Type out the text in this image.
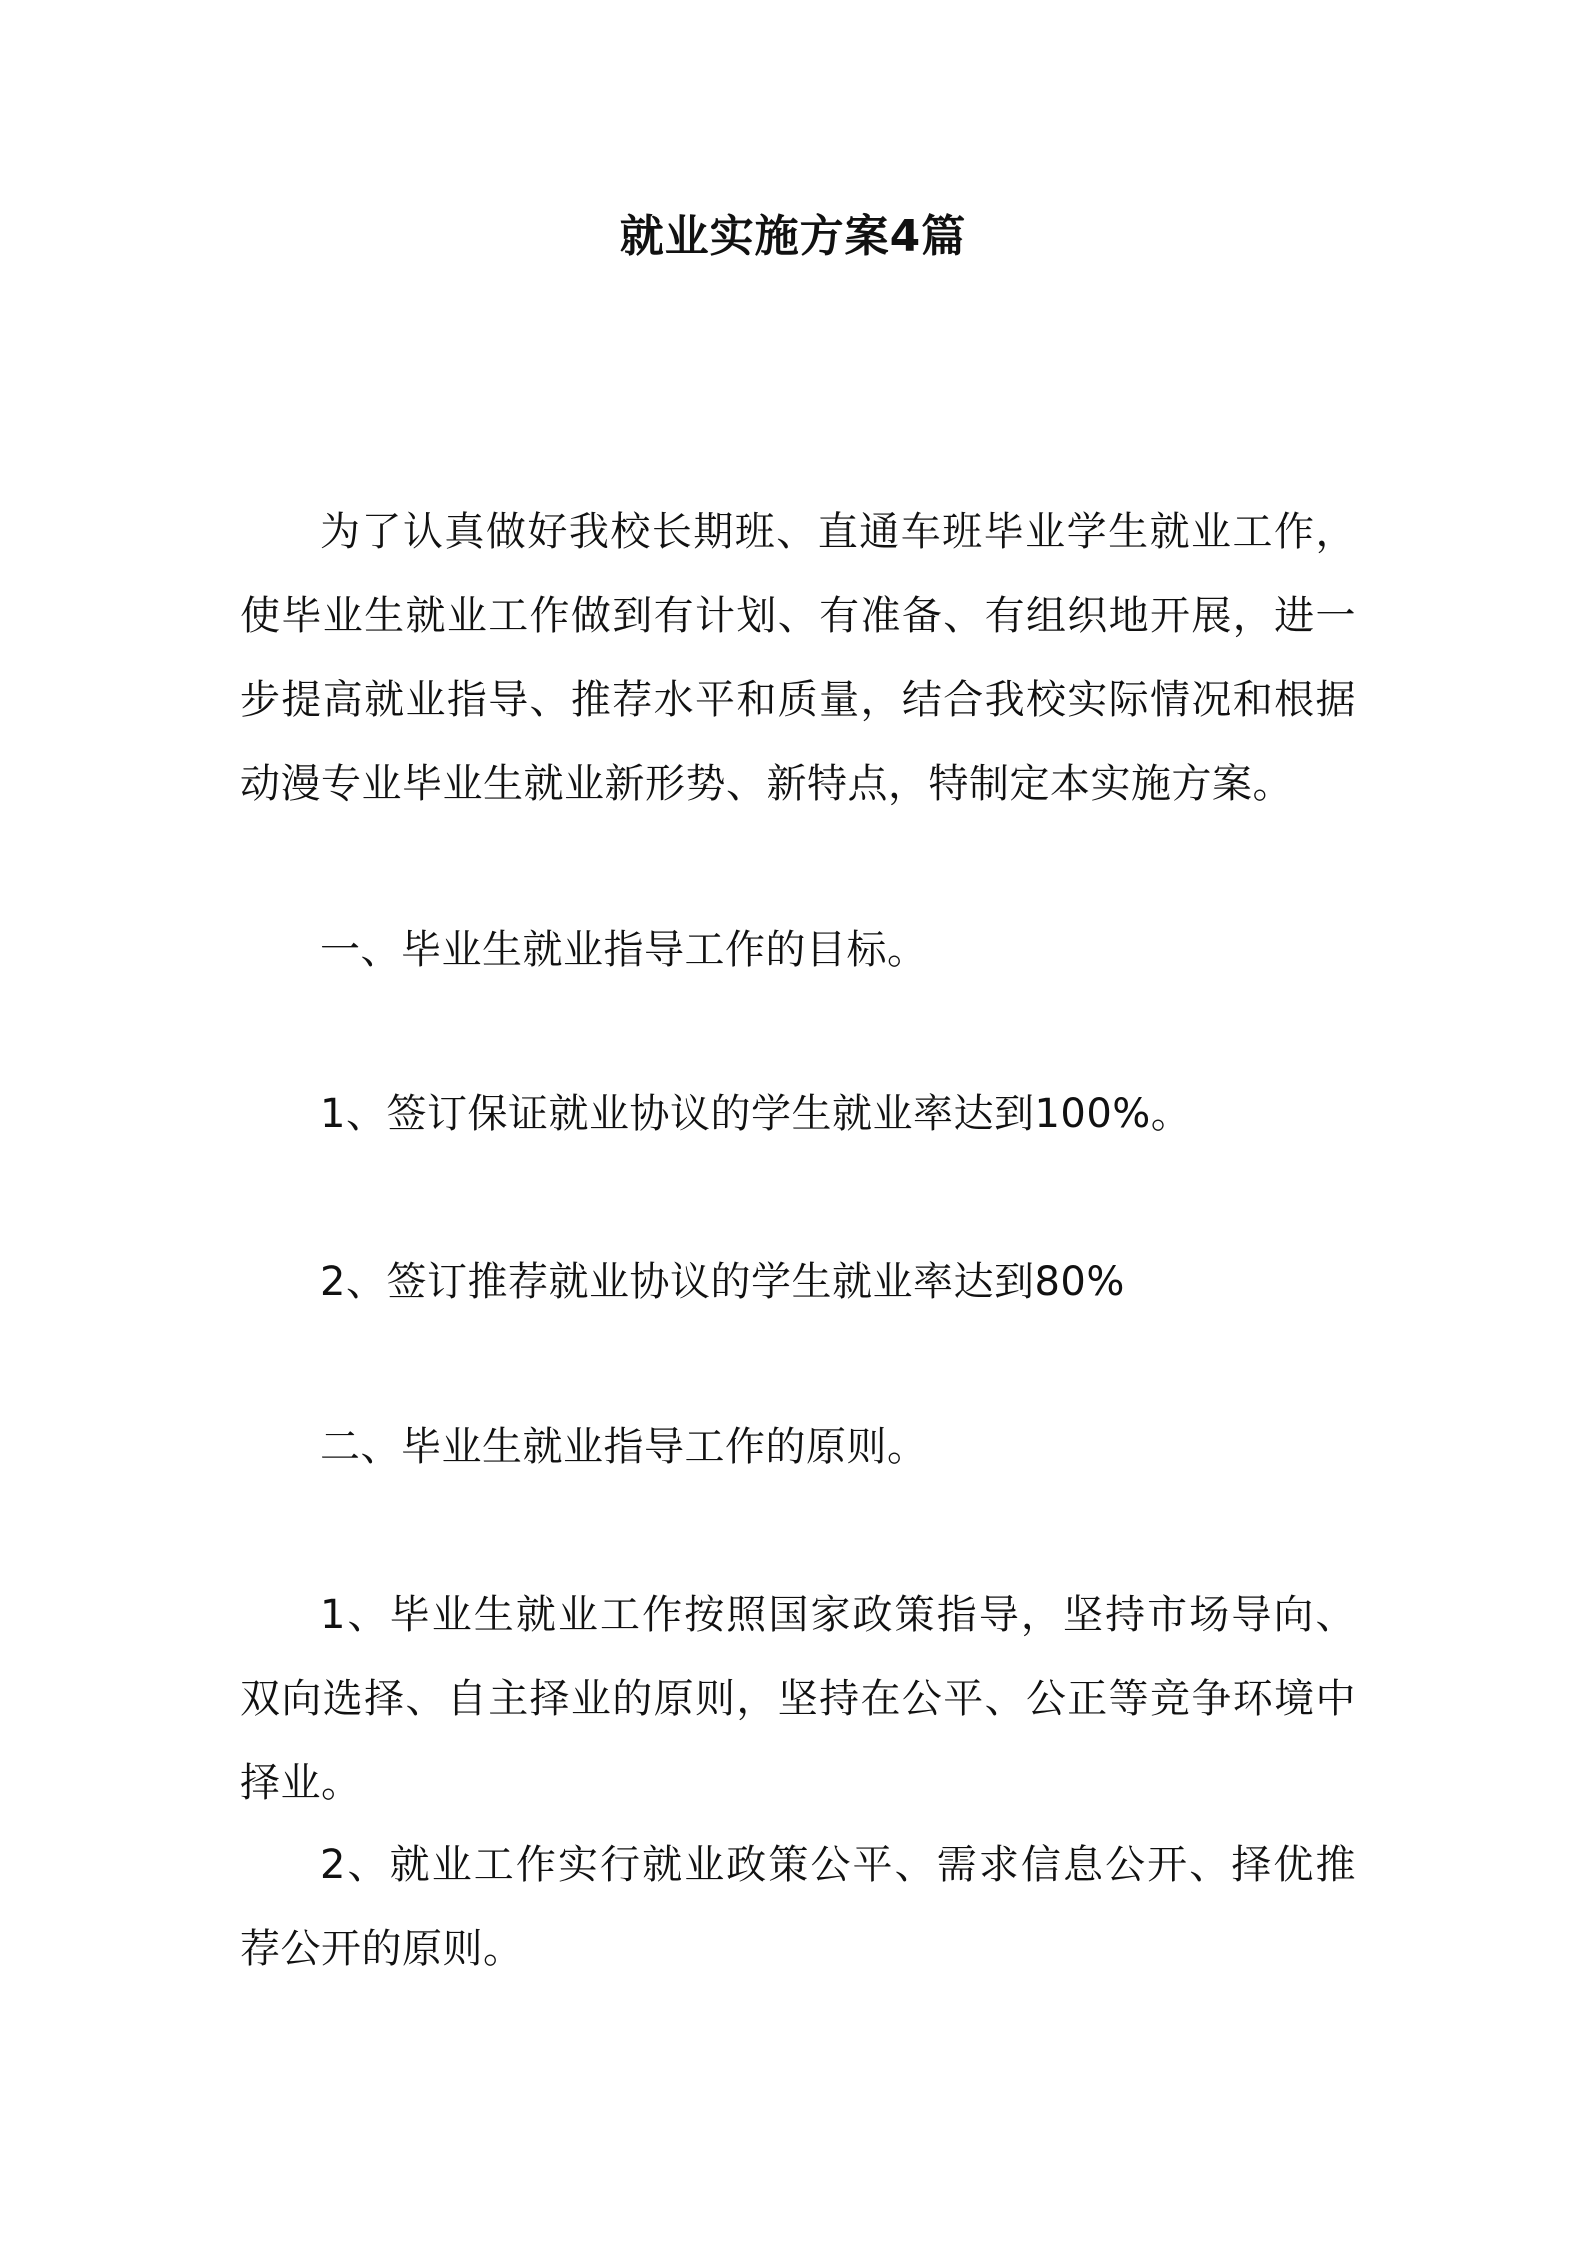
就业实施方案4篇

为了认真做好我校长期班、直通车班毕业学生就业工作，使毕业生就业工作做到有计划、有准备、有组织地开展，进一步提高就业指导、推荐水平和质量，结合我校实际情况和根据动漫专业毕业生就业新形势、新特点，特制定本实施方案。

一、毕业生就业指导工作的目标。

1、签订保证就业协议的学生就业率达到100%。

2、签订推荐就业协议的学生就业率达到80%

二、毕业生就业指导工作的原则。

1、毕业生就业工作按照国家政策指导，坚持市场导向、双向选择、自主择业的原则，坚持在公平、公正等竞争环境中择业。

2、就业工作实行就业政策公平、需求信息公开、择优推荐公开的原则。
